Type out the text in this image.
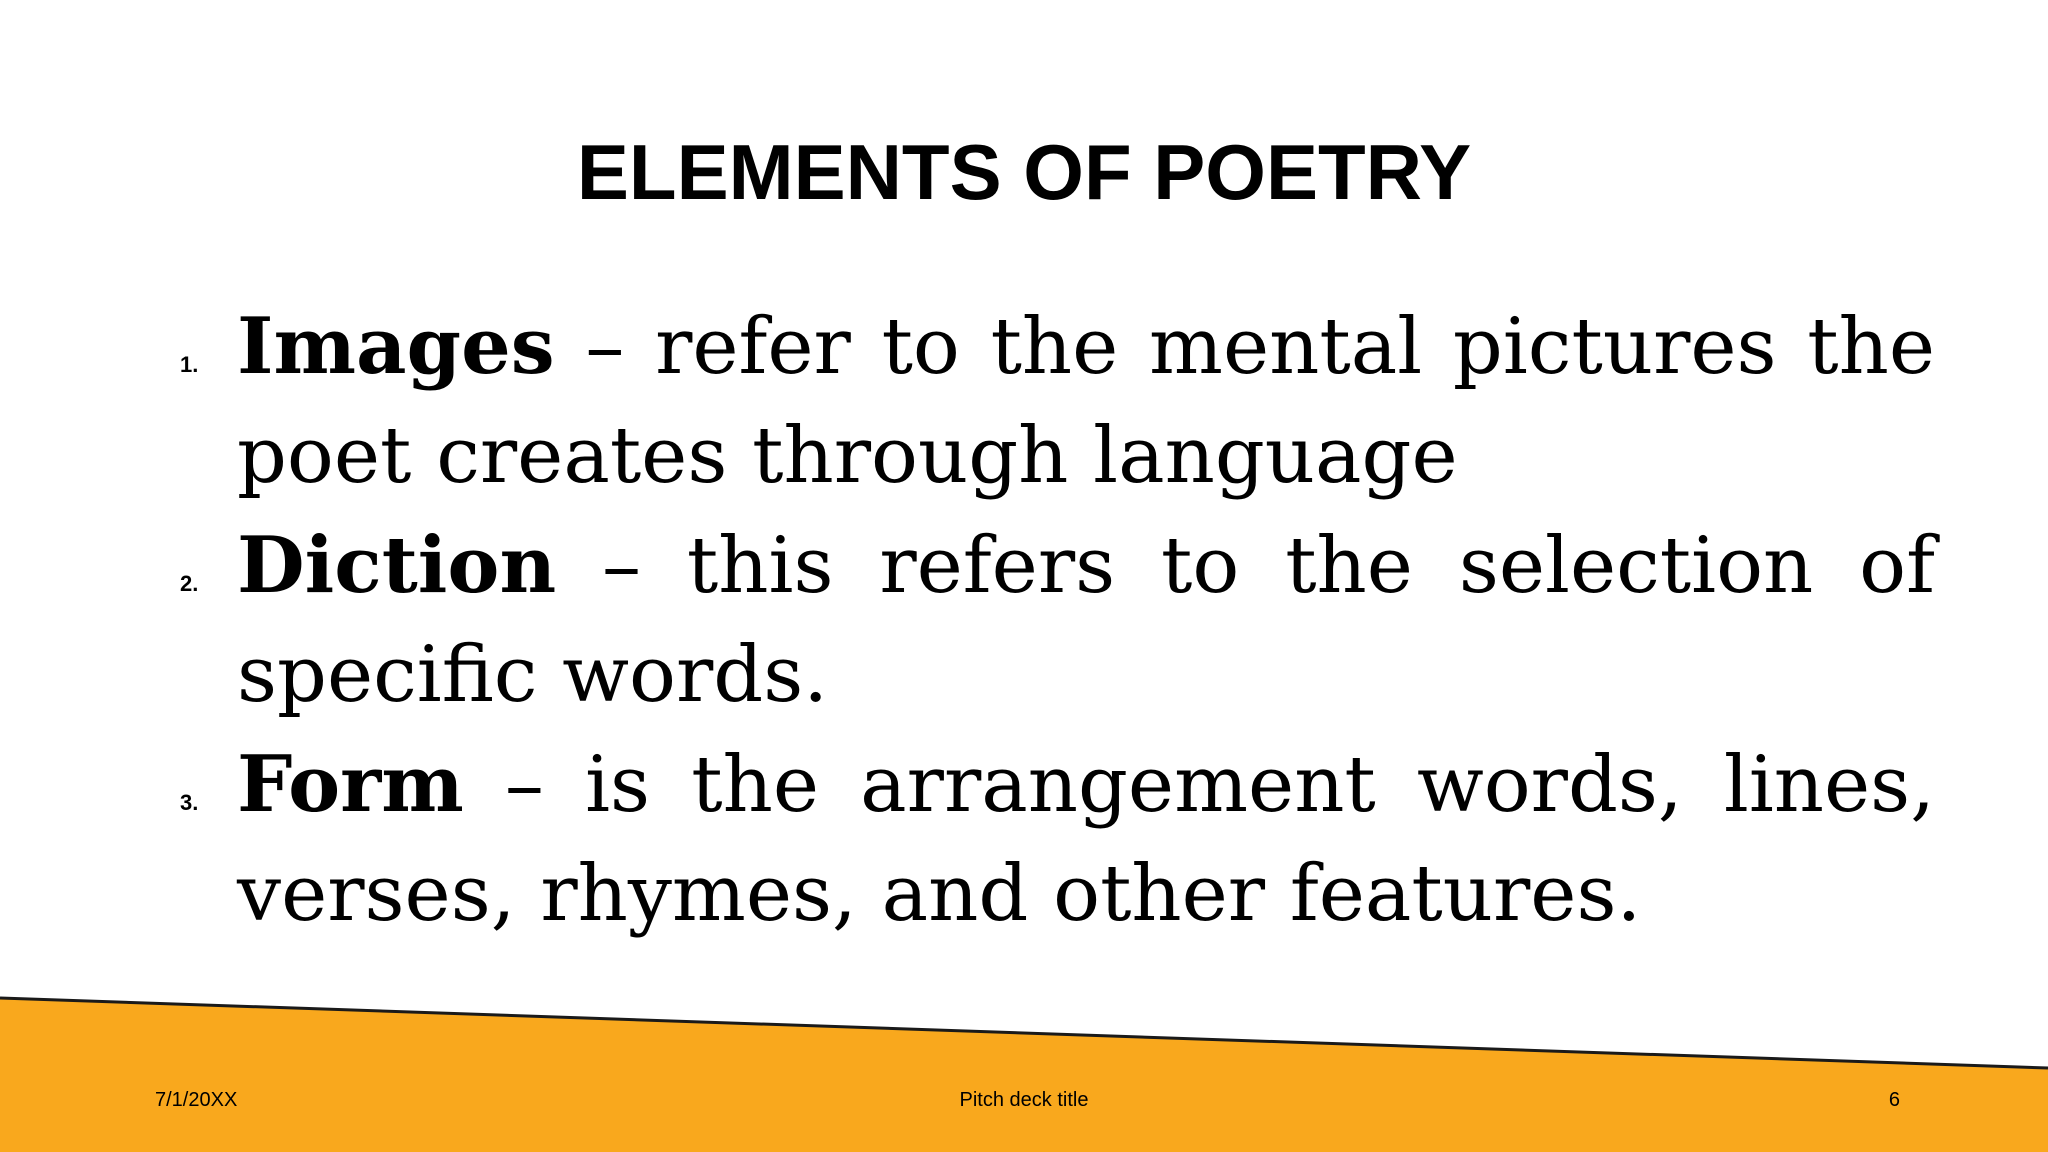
ELEMENTS OF POETRY
1. Images – refer to the mental pictures the poet creates through language
2. Diction – this refers to the selection of specific words.
3. Form – is the arrangement words, lines, verses, rhymes, and other features.
7/1/20XX	Pitch deck title	6
